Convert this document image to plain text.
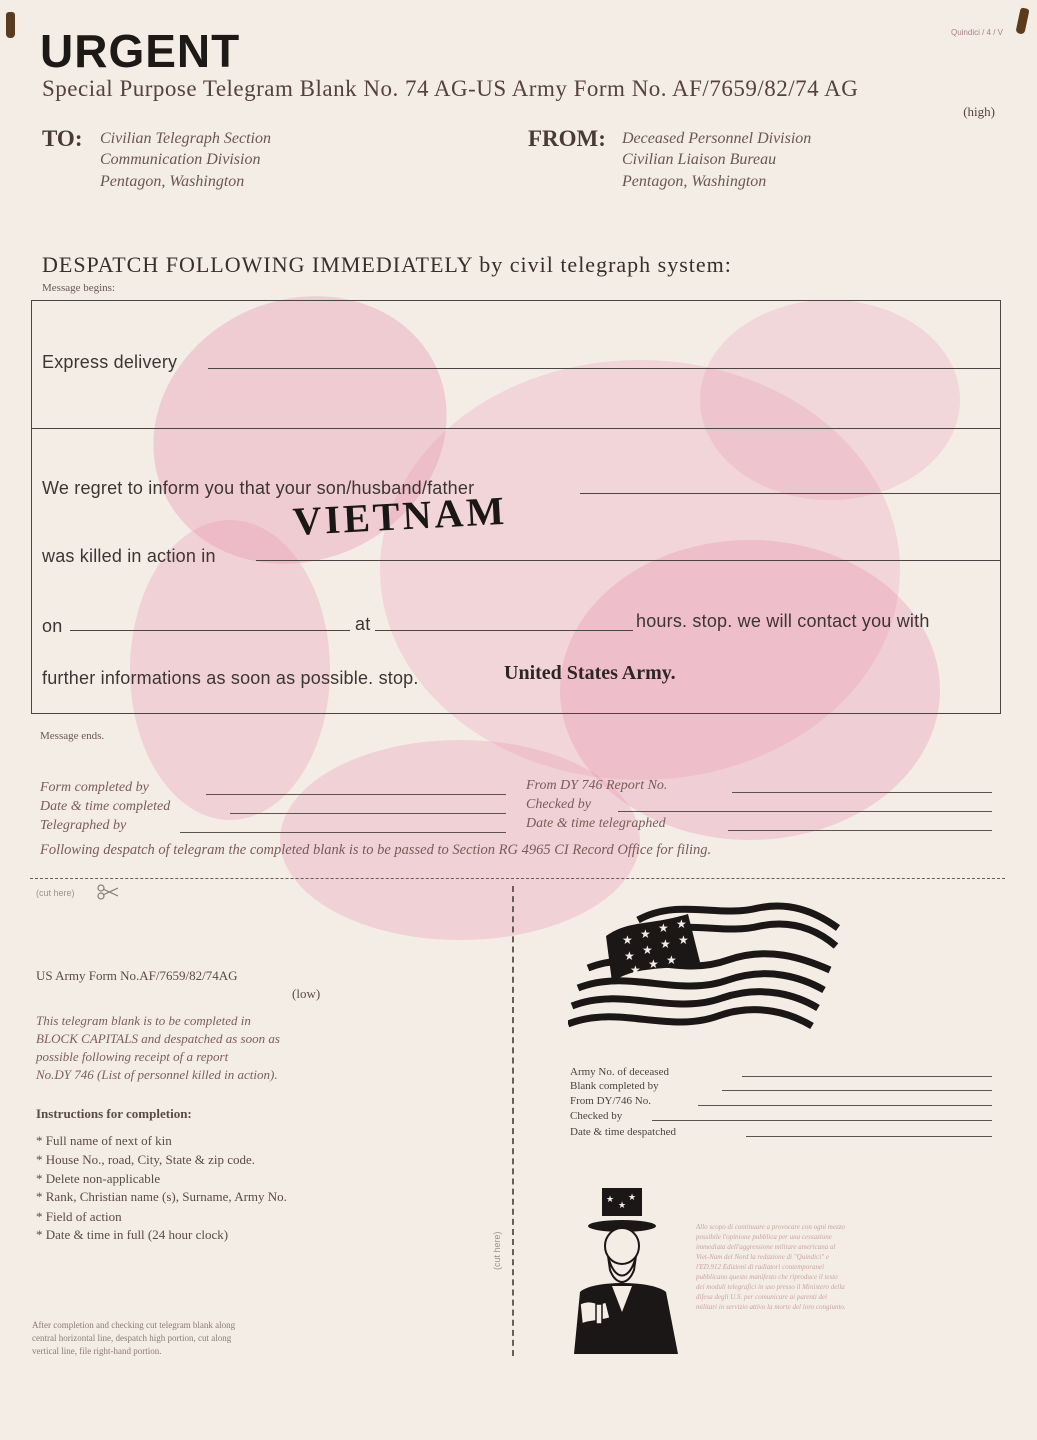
URGENT	Quindici / 4 / V
Special Purpose Telegram Blank No. 74 AG-US Army Form No. AF/7659/82/74 AG
(high)
TO: Civilian Telegraph Section
Communication Division
Pentagon, Washington
FROM: Deceased Personnel Division
Civilian Liaison Bureau
Pentagon, Washington
DESPATCH FOLLOWING IMMEDIATELY by civil telegraph system:
Message begins:
Express delivery
We regret to inform you that your son/husband/father
was killed in action in
VIETNAM
on	at	hours. stop. we will contact you with
further informations as soon as possible. stop.	United States Army.
Message ends.
Form completed by
Date & time completed
Telegraphed by
From DY 746 Report No.
Checked by
Date & time telegraphed
Following despatch of telegram the completed blank is to be passed to Section RG 4965 CI Record Office for filing.
(cut here)
(cut here)
US Army Form No.AF/7659/82/74AG
(low)
This telegram blank is to be completed in
BLOCK CAPITALS and despatched as soon as
possible following receipt of a report
No.DY 746 (List of personnel killed in action).
Instructions for completion:
* Full name of next of kin
* House No., road, City, State & zip code.
* Delete non-applicable
* Rank, Christian name (s), Surname, Army No.
* Field of action
* Date & time in full (24 hour clock)
After completion and checking cut telegram blank along
central horizontal line, despatch high portion, cut along
vertical line, file right-hand portion.
★ ★ ★ ★
★ ★ ★ ★
★ ★ ★
Army No. of deceased
Blank completed by
From DY/746 No.
Checked by
Date & time despatched
★
★
★
Allo scopo di continuare a provocare con ogni mezzo possibile l'opinione pubblica per una cessazione immediata dell'aggressione militare americana al Viet-Nam del Nord la redazione di "Quindici" e l'ED.912 Edizioni di radiatori contemporanei pubblicano questo manifesto che riproduce il testo dei moduli telegrafici in uso presso il Ministero della difesa degli U.S. per comunicare ai parenti dei militari in servizio attivo la morte del loro congiunto.
